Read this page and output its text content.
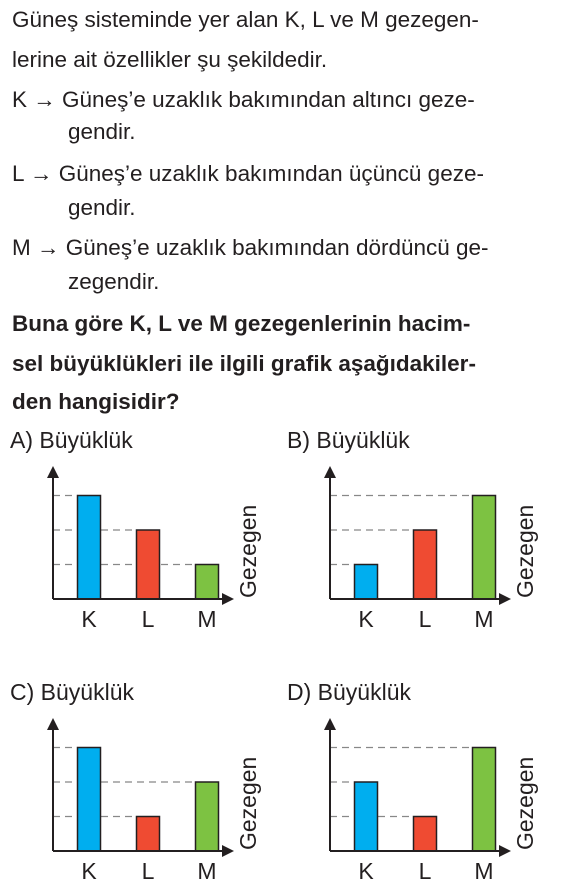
Güneş sisteminde yer alan K, L ve M gezegen-
lerine ait özellikler şu şekildedir.
K → Güneş’e uzaklık bakımından altıncı geze-
gendir.
L → Güneş’e uzaklık bakımından üçüncü geze-
gendir.
M → Güneş’e uzaklık bakımından dördüncü ge-
zegendir.
Buna göre K, L ve M gezegenlerinin hacim-
sel büyüklükleri ile ilgili grafik aşağıdakiler-
den hangisidir?
A) Büyüklük	B) Büyüklük
C) Büyüklük	D) Büyüklük
K L M
Gezegen
K L M
Gezegen
K L M
Gezegen
K L M
Gezegen
